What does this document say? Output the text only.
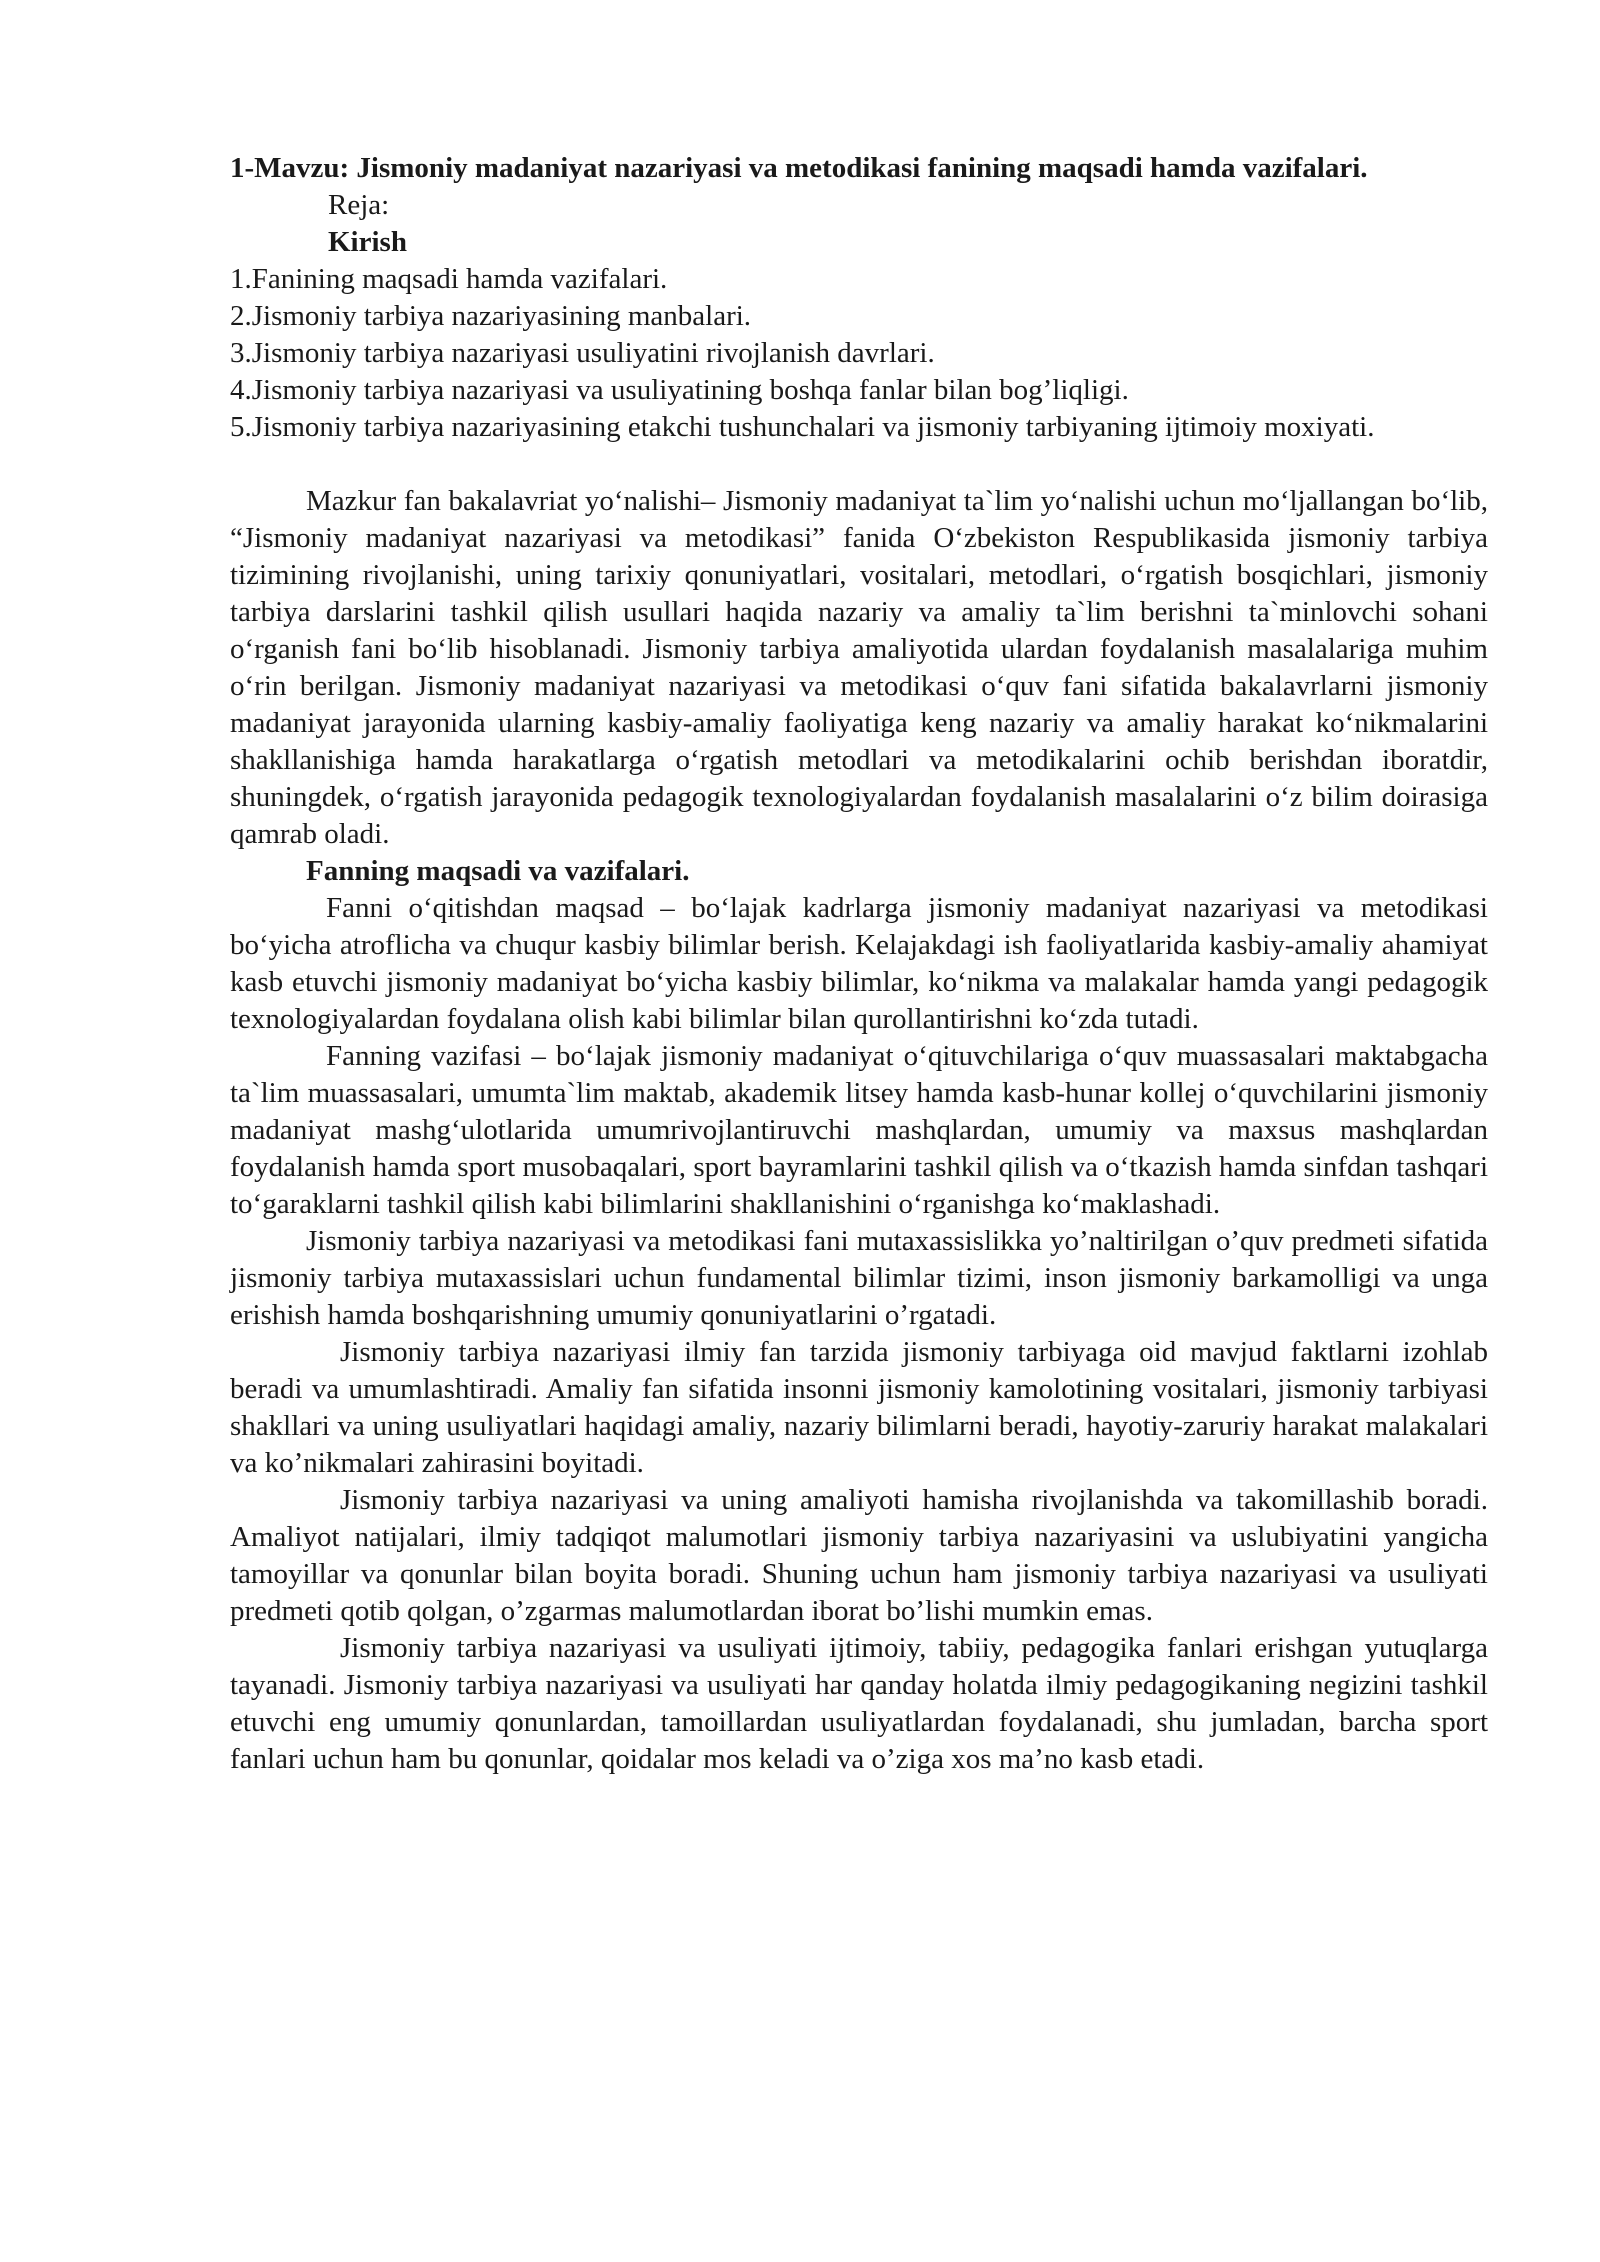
1-Mavzu: Jismoniy madaniyat nazariyasi va metodikasi fanining maqsadi hamda vazifalari.

Reja:

Kirish

1.Fanining maqsadi hamda vazifalari.
2.Jismoniy tarbiya nazariyasining manbalari.
3.Jismoniy tarbiya nazariyasi usuliyatini rivojlanish davrlari.
4.Jismoniy tarbiya nazariyasi va usuliyatining boshqa fanlar bilan bog’liqligi.
5.Jismoniy tarbiya nazariyasining etakchi tushunchalari va jismoniy tarbiyaning ijtimoiy moxiyati.

Mazkur fan bakalavriat yo‘nalishi– Jismoniy madaniyat ta`lim yo‘nalishi uchun mo‘ljallangan bo‘lib, “Jismoniy madaniyat nazariyasi va metodikasi” fanida O‘zbekiston Respublikasida jismoniy tarbiya tizimining rivojlanishi, uning tarixiy qonuniyatlari, vositalari, metodlari, o‘rgatish bosqichlari, jismoniy tarbiya darslarini tashkil qilish usullari haqida nazariy va amaliy ta`lim berishni ta`minlovchi sohani o‘rganish fani bo‘lib hisoblanadi. Jismoniy tarbiya amaliyotida ulardan foydalanish masalalariga muhim o‘rin berilgan. Jismoniy madaniyat nazariyasi va metodikasi o‘quv fani sifatida bakalavrlarni jismoniy madaniyat jarayonida ularning kasbiy-amaliy faoliyatiga keng nazariy va amaliy harakat ko‘nikmalarini shakllanishiga hamda harakatlarga o‘rgatish metodlari va metodikalarini ochib berishdan iboratdir, shuningdek, o‘rgatish jarayonida pedagogik texnologiyalardan foydalanish masalalarini o‘z bilim doirasiga qamrab oladi.

Fanning maqsadi va vazifalari.

Fanni o‘qitishdan maqsad – bo‘lajak kadrlarga jismoniy madaniyat nazariyasi va metodikasi bo‘yicha atroflicha va chuqur kasbiy bilimlar berish. Kelajakdagi ish faoliyatlarida kasbiy-amaliy ahamiyat kasb etuvchi jismoniy madaniyat bo‘yicha kasbiy bilimlar, ko‘nikma va malakalar hamda yangi pedagogik texnologiyalardan foydalana olish kabi bilimlar bilan qurollantirishni ko‘zda tutadi.

Fanning vazifasi – bo‘lajak jismoniy madaniyat o‘qituvchilariga o‘quv muassasalari maktabgacha ta`lim muassasalari, umumta`lim maktab, akademik litsey hamda kasb-hunar kollej o‘quvchilarini jismoniy madaniyat mashg‘ulotlarida umumrivojlantiruvchi mashqlardan, umumiy va maxsus mashqlardan foydalanish hamda sport musobaqalari, sport bayramlarini tashkil qilish va o‘tkazish hamda sinfdan tashqari to‘garaklarni tashkil qilish kabi bilimlarini shakllanishini o‘rganishga ko‘maklashadi.

Jismoniy tarbiya nazariyasi va metodikasi fani mutaxassislikka yo’naltirilgan o’quv predmeti sifatida jismoniy tarbiya mutaxassislari uchun fundamental bilimlar tizimi, inson jismoniy barkamolligi va unga erishish hamda boshqarishning umumiy qonuniyatlarini o’rgatadi.

Jismoniy tarbiya nazariyasi ilmiy fan tarzida jismoniy tarbiyaga oid mavjud faktlarni izohlab beradi va umumlashtiradi. Amaliy fan sifatida insonni jismoniy kamolotining vositalari, jismoniy tarbiyasi shakllari va uning usuliyatlari haqidagi amaliy, nazariy bilimlarni beradi, hayotiy-zaruriy harakat malakalari va ko’nikmalari zahirasini boyitadi.

Jismoniy tarbiya nazariyasi va uning amaliyoti hamisha rivojlanishda va takomillashib boradi. Amaliyot natijalari, ilmiy tadqiqot malumotlari jismoniy tarbiya nazariyasini va uslubiyatini yangicha tamoyillar va qonunlar bilan boyita boradi. Shuning uchun ham jismoniy tarbiya nazariyasi va usuliyati predmeti qotib qolgan, o’zgarmas malumotlardan iborat bo’lishi mumkin emas.

Jismoniy tarbiya nazariyasi va usuliyati ijtimoiy, tabiiy, pedagogika fanlari erishgan yutuqlarga tayanadi. Jismoniy tarbiya nazariyasi va usuliyati har qanday holatda ilmiy pedagogikaning negizini tashkil etuvchi eng umumiy qonunlardan, tamoillardan usuliyatlardan foydalanadi, shu jumladan, barcha sport fanlari uchun ham bu qonunlar, qoidalar mos keladi va o’ziga xos ma’no kasb etadi.
